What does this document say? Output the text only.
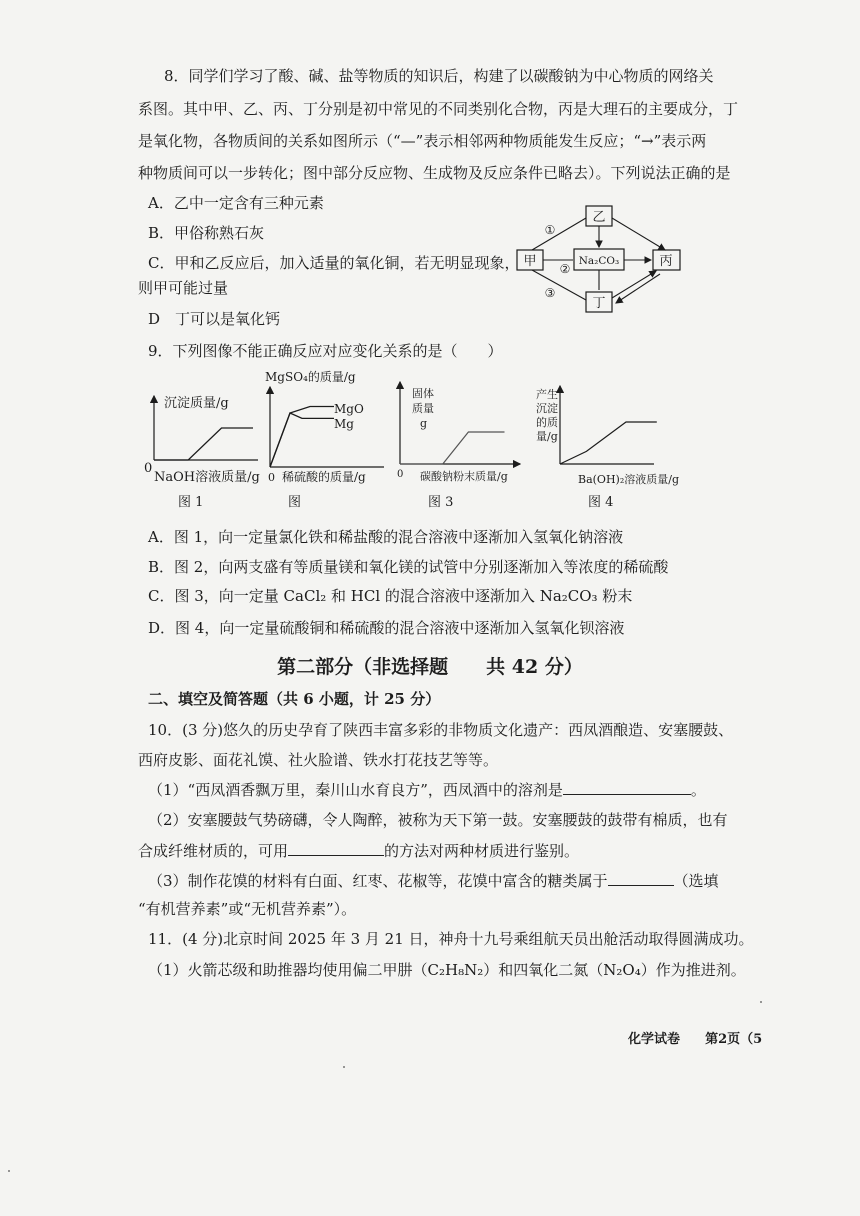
8．同学们学习了酸、碱、盐等物质的知识后，构建了以碳酸钠为中心物质的网络关
系图。其中甲、乙、丙、丁分别是初中常见的不同类别化合物，丙是大理石的主要成分，丁
是氧化物，各物质间的关系如图所示（“—”表示相邻两种物质能发生反应；“→”表示两
种物质间可以一步转化；图中部分反应物、生成物及反应条件已略去）。下列说法正确的是
A．乙中一定含有三种元素
B．甲俗称熟石灰
C．甲和乙反应后，加入适量的氧化铜，若无明显现象，
则甲可能过量
D　丁可以是氧化钙
乙
甲	Na₂CO₃	丙
丁
①
②
③
9．下列图像不能正确反应对应变化关系的是（　　）
沉淀质量/g
0
NaOH溶液质量/g
图 1
MgSO₄的质量/g
MgO
Mg
0 稀硫酸的质量/g
图
固体
质量
g
0 碳酸钠粉末质量/g
图 3
产生
沉淀
的质
量/g
Ba(OH)₂溶液质量/g
图 4
A．图 1，向一定量氯化铁和稀盐酸的混合溶液中逐渐加入氢氧化钠溶液
B．图 2，向两支盛有等质量镁和氧化镁的试管中分别逐渐加入等浓度的稀硫酸
C．图 3，向一定量 CaCl₂ 和 HCl 的混合溶液中逐渐加入 Na₂CO₃ 粉末
D．图 4，向一定量硫酸铜和稀硫酸的混合溶液中逐渐加入氢氧化钡溶液
第二部分（非选择题　　共 42 分）
二、填空及简答题（共 6 小题，计 25 分）
10．(3 分)悠久的历史孕育了陕西丰富多彩的非物质文化遗产：西凤酒酿造、安塞腰鼓、
西府皮影、面花礼馍、社火脸谱、铁水打花技艺等等。
（1）“西凤酒香飘万里，秦川山水育良方”，西凤酒中的溶剂是	。
（2）安塞腰鼓气势磅礴，令人陶醉，被称为天下第一鼓。安塞腰鼓的鼓带有棉质，也有
合成纤维材质的，可用	的方法对两种材质进行鉴别。
（3）制作花馍的材料有白面、红枣、花椒等，花馍中富含的糖类属于	（选填
“有机营养素”或“无机营养素”）。
11．(4 分)北京时间 2025 年 3 月 21 日，神舟十九号乘组航天员出舱活动取得圆满成功。
（1）火箭芯级和助推器均使用偏二甲肼（C₂H₈N₂）和四氧化二氮（N₂O₄）作为推进剂。
化学试卷 第2页（5
